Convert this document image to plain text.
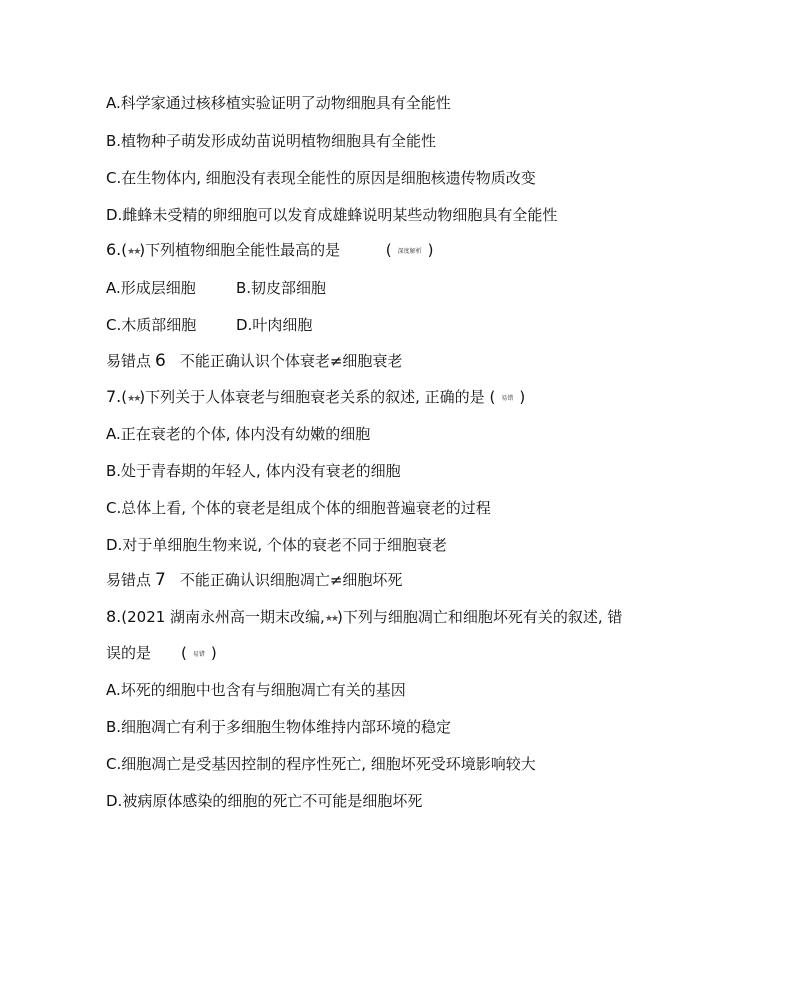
A.科学家通过核移植实验证明了动物细胞具有全能性
B.植物种子萌发形成幼苗说明植物细胞具有全能性
C.在生物体内, 细胞没有表现全能性的原因是细胞核遗传物质改变
D.雌蜂未受精的卵细胞可以发育成雄蜂说明某些动物细胞具有全能性
6.(★★)下列植物细胞全能性最高的是	( 深度解析 )
A.形成层细胞	B.韧皮部细胞
C.木质部细胞	D.叶肉细胞
易错点 6 不能正确认识个体衰老≠细胞衰老
7.(★★)下列关于人体衰老与细胞衰老关系的叙述, 正确的是 ( 易错 )
A.正在衰老的个体, 体内没有幼嫩的细胞
B.处于青春期的年轻人, 体内没有衰老的细胞
C.总体上看, 个体的衰老是组成个体的细胞普遍衰老的过程
D.对于单细胞生物来说, 个体的衰老不同于细胞衰老
易错点 7 不能正确认识细胞凋亡≠细胞坏死
8.(2021 湖南永州高一期末改编,★★)下列与细胞凋亡和细胞坏死有关的叙述, 错
误的是 ( 易错 )
A.坏死的细胞中也含有与细胞凋亡有关的基因
B.细胞凋亡有利于多细胞生物体维持内部环境的稳定
C.细胞凋亡是受基因控制的程序性死亡, 细胞坏死受环境影响较大
D.被病原体感染的细胞的死亡不可能是细胞坏死
